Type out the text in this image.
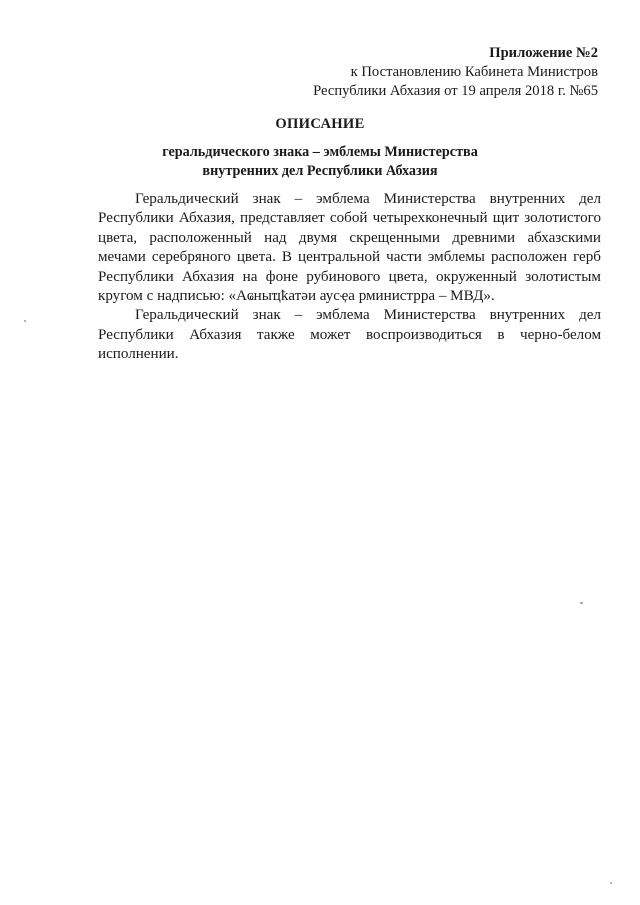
Приложение №2
к Постановлению Кабинета Министров
Республики Абхазия от 19 апреля 2018 г. №65
ОПИСАНИЕ
геральдического знака – эмблемы Министерства
внутренних дел Республики Абхазия

Геральдический знак – эмблема Министерства внутренних дел Республики Абхазия, представляет собой четырехконечный щит золотистого цвета, расположенный над двумя скрещенными древними абхазскими мечами серебряного цвета. В центральной части эмблемы расположен герб Республики Абхазия на фоне рубинового цвета, окруженный золотистым кругом с надписью: «Аҩныҵҟатәи аусҿа рминистрра – МВД».

Геральдический знак – эмблема Министерства внутренних дел Республики Абхазия также может воспроизводиться в черно-белом исполнении.
